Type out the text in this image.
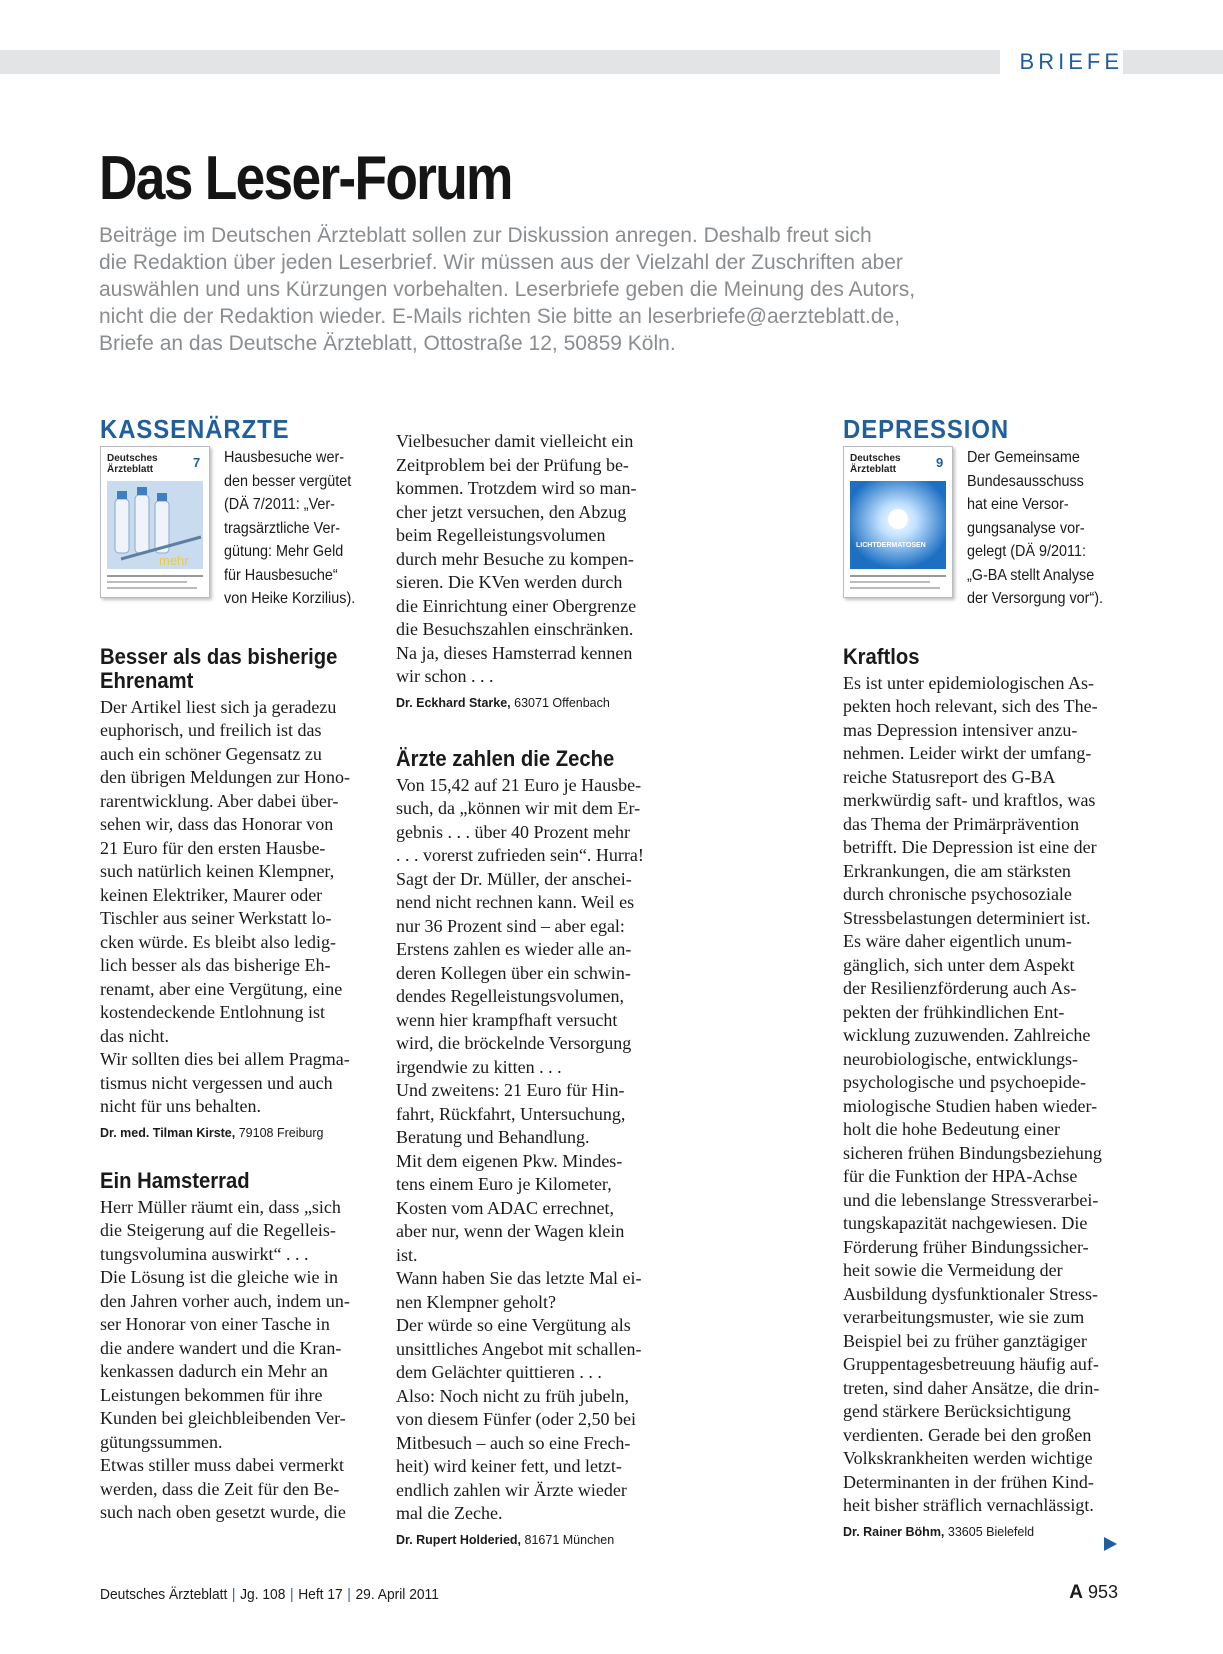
BRIEFE
Das Leser-Forum
Beiträge im Deutschen Ärzteblatt sollen zur Diskussion anregen. Deshalb freut sich
die Redaktion über jeden Leserbrief. Wir müssen aus der Vielzahl der Zuschriften aber
auswählen und uns Kürzungen vorbehalten. Leserbriefe geben die Meinung des Autors,
nicht die der Redaktion wieder. E-Mails richten Sie bitte an leserbriefe@aerzteblatt.de,
Briefe an das Deutsche Ärzteblatt, Ottostraße 12, 50859 Köln.
KASSENÄRZTE
Deutsches
Ärzteblatt	7
mehr
Hausbesuche wer-
den besser vergütet
(DÄ 7/2011: „Ver-
tragsärztliche Ver-
gütung: Mehr Geld
für Hausbesuche“
von Heike Korzilius).
Besser als das bisherige
Ehrenamt
Der Artikel liest sich ja geradezu
euphorisch, und freilich ist das
auch ein schöner Gegensatz zu
den übrigen Meldungen zur Hono-
rarentwicklung. Aber dabei über-
sehen wir, dass das Honorar von
21 Euro für den ersten Hausbe-
such natürlich keinen Klempner,
keinen Elektriker, Maurer oder
Tischler aus seiner Werkstatt lo-
cken würde. Es bleibt also ledig-
lich besser als das bisherige Eh-
renamt, aber eine Vergütung, eine
kostendeckende Entlohnung ist
das nicht.
Wir sollten dies bei allem Pragma-
tismus nicht vergessen und auch
nicht für uns behalten.
Dr. med. Tilman Kirste, 79108 Freiburg
Ein Hamsterrad
Herr Müller räumt ein, dass „sich
die Steigerung auf die Regelleis-
tungsvolumina auswirkt“ . . .
Die Lösung ist die gleiche wie in
den Jahren vorher auch, indem un-
ser Honorar von einer Tasche in
die andere wandert und die Kran-
kenkassen dadurch ein Mehr an
Leistungen bekommen für ihre
Kunden bei gleichbleibenden Ver-
gütungssummen.
Etwas stiller muss dabei vermerkt
werden, dass die Zeit für den Be-
such nach oben gesetzt wurde, die
Vielbesucher damit vielleicht ein
Zeitproblem bei der Prüfung be-
kommen. Trotzdem wird so man-
cher jetzt versuchen, den Abzug
beim Regelleistungsvolumen
durch mehr Besuche zu kompen-
sieren. Die KVen werden durch
die Einrichtung einer Obergrenze
die Besuchszahlen einschränken.
Na ja, dieses Hamsterrad kennen
wir schon . . .
Dr. Eckhard Starke, 63071 Offenbach
Ärzte zahlen die Zeche
Von 15,42 auf 21 Euro je Hausbe-
such, da „können wir mit dem Er-
gebnis . . . über 40 Prozent mehr
. . . vorerst zufrieden sein“. Hurra!
Sagt der Dr. Müller, der anschei-
nend nicht rechnen kann. Weil es
nur 36 Prozent sind – aber egal:
Erstens zahlen es wieder alle an-
deren Kollegen über ein schwin-
dendes Regelleistungsvolumen,
wenn hier krampfhaft versucht
wird, die bröckelnde Versorgung
irgendwie zu kitten . . .
Und zweitens: 21 Euro für Hin-
fahrt, Rückfahrt, Untersuchung,
Beratung und Behandlung.
Mit dem eigenen Pkw. Mindes-
tens einem Euro je Kilometer,
Kosten vom ADAC errechnet,
aber nur, wenn der Wagen klein
ist.
Wann haben Sie das letzte Mal ei-
nen Klempner geholt?
Der würde so eine Vergütung als
unsittliches Angebot mit schallen-
dem Gelächter quittieren . . .
Also: Noch nicht zu früh jubeln,
von diesem Fünfer (oder 2,50 bei
Mitbesuch – auch so eine Frech-
heit) wird keiner fett, und letzt-
endlich zahlen wir Ärzte wieder
mal die Zeche.
Dr. Rupert Holderied, 81671 München
DEPRESSION
Deutsches
Ärzteblatt	9
LICHTDERMATOSEN
Der Gemeinsame
Bundesausschuss
hat eine Versor-
gungsanalyse vor-
gelegt (DÄ 9/2011:
„G-BA stellt Analyse
der Versorgung vor“).
Kraftlos
Es ist unter epidemiologischen As-
pekten hoch relevant, sich des The-
mas Depression intensiver anzu-
nehmen. Leider wirkt der umfang-
reiche Statusreport des G-BA
merkwürdig saft- und kraftlos, was
das Thema der Primärprävention
betrifft. Die Depression ist eine der
Erkrankungen, die am stärksten
durch chronische psychosoziale
Stressbelastungen determiniert ist.
Es wäre daher eigentlich unum-
gänglich, sich unter dem Aspekt
der Resilienzförderung auch As-
pekten der frühkindlichen Ent-
wicklung zuzuwenden. Zahlreiche
neurobiologische, entwicklungs-
psychologische und psychoepide-
miologische Studien haben wieder-
holt die hohe Bedeutung einer
sicheren frühen Bindungsbeziehung
für die Funktion der HPA-Achse
und die lebenslange Stressverarbei-
tungskapazität nachgewiesen. Die
Förderung früher Bindungssicher-
heit sowie die Vermeidung der
Ausbildung dysfunktionaler Stress-
verarbeitungsmuster, wie sie zum
Beispiel bei zu früher ganztägiger
Gruppentagesbetreuung häufig auf-
treten, sind daher Ansätze, die drin-
gend stärkere Berücksichtigung
verdienten. Gerade bei den großen
Volkskrankheiten werden wichtige
Determinanten in der frühen Kind-
heit bisher sträflich vernachlässigt.
Dr. Rainer Böhm, 33605 Bielefeld
Deutsches Ärzteblatt | Jg. 108 | Heft 17 | 29. April 2011	A 953
